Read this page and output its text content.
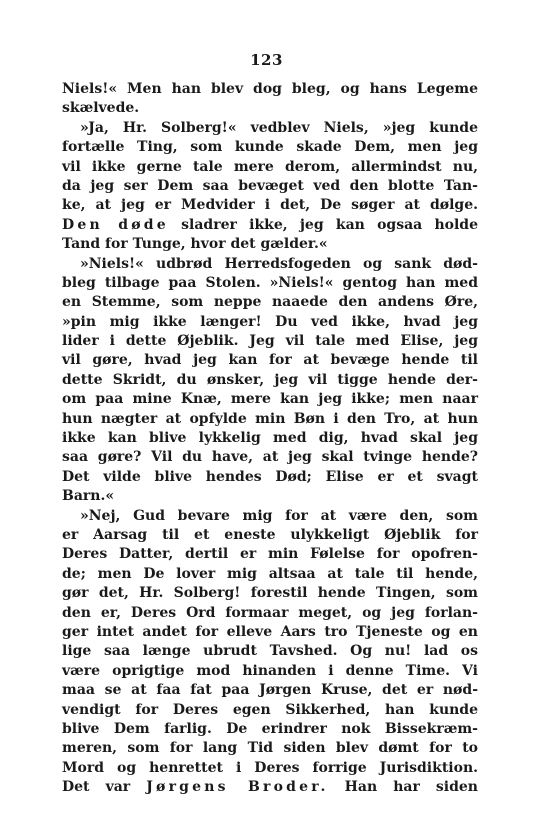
123
Niels!« Men han blev dog bleg, og hans Legeme
skælvede.
»Ja, Hr. Solberg!« vedblev Niels, »jeg kunde
fortælle Ting, som kunde skade Dem, men jeg
vil ikke gerne tale mere derom, allermindst nu,
da jeg ser Dem saa bevæget ved den blotte Tan-
ke, at jeg er Medvider i det, De søger at dølge.
Den døde sladrer ikke, jeg kan ogsaa holde
Tand for Tunge, hvor det gælder.«
»Niels!« udbrød Herredsfogeden og sank død-
bleg tilbage paa Stolen. »Niels!« gentog han med
en Stemme, som neppe naaede den andens Øre,
»pin mig ikke længer! Du ved ikke, hvad jeg
lider i dette Øjeblik. Jeg vil tale med Elise, jeg
vil gøre, hvad jeg kan for at bevæge hende til
dette Skridt, du ønsker, jeg vil tigge hende der-
om paa mine Knæ, mere kan jeg ikke; men naar
hun nægter at opfylde min Bøn i den Tro, at hun
ikke kan blive lykkelig med dig, hvad skal jeg
saa gøre? Vil du have, at jeg skal tvinge hende?
Det vilde blive hendes Død; Elise er et svagt
Barn.«
»Nej, Gud bevare mig for at være den, som
er Aarsag til et eneste ulykkeligt Øjeblik for
Deres Datter, dertil er min Følelse for opofren-
de; men De lover mig altsaa at tale til hende,
gør det, Hr. Solberg! forestil hende Tingen, som
den er, Deres Ord formaar meget, og jeg forlan-
ger intet andet for elleve Aars tro Tjeneste og en
lige saa længe ubrudt Tavshed. Og nu! lad os
være oprigtige mod hinanden i denne Time. Vi
maa se at faa fat paa Jørgen Kruse, det er nød-
vendigt for Deres egen Sikkerhed, han kunde
blive Dem farlig. De erindrer nok Bissekræm-
meren, som for lang Tid siden blev dømt for to
Mord og henrettet i Deres forrige Jurisdiktion.
Det var Jørgens Broder. Han har siden
